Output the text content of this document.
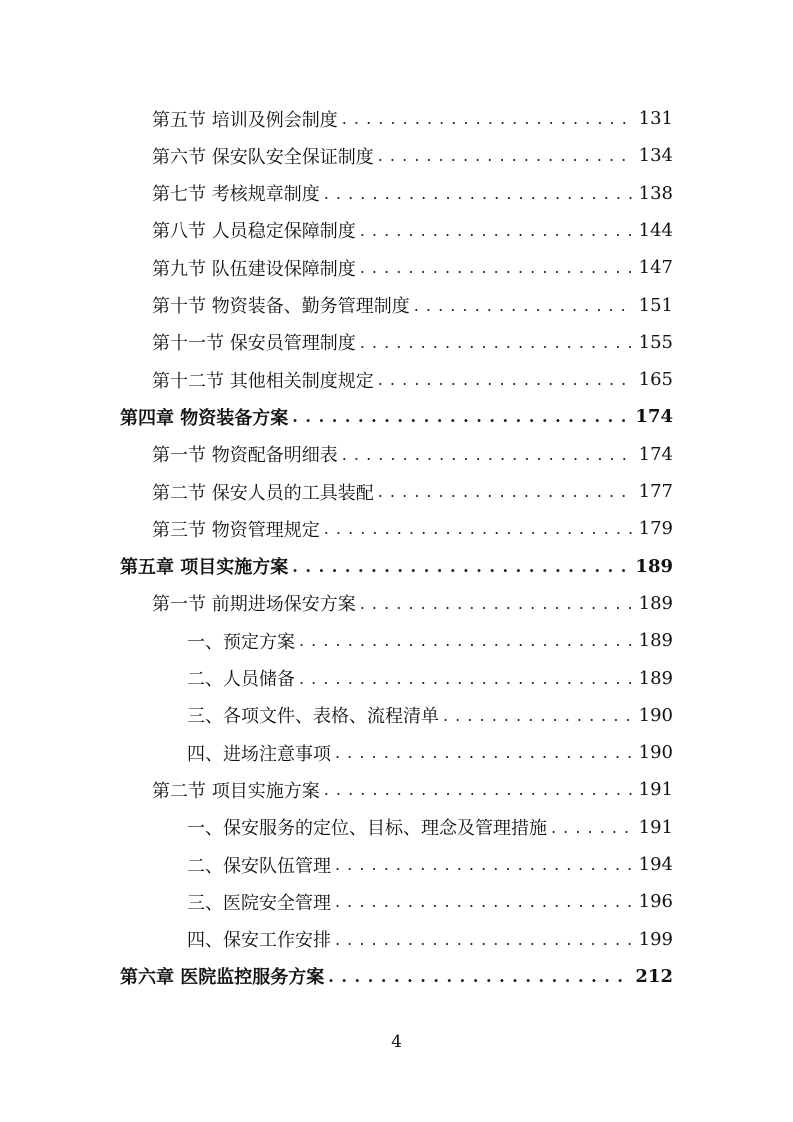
第五节 培训及例会制度 . . .	131
第六节 保安队安全保证制度 . . .	134
第七节 考核规章制度 . . .	138
第八节 人员稳定保障制度 . . .	144
第九节 队伍建设保障制度 . . .	147
第十节 物资装备、勤务管理制度 . . .	151
第十一节 保安员管理制度 . . .	155
第十二节 其他相关制度规定 . . .	165
第四章 物资装备方案 . . .	174
第一节 物资配备明细表 . . .	174
第二节 保安人员的工具装配 . . .	177
第三节 物资管理规定 . . .	179
第五章 项目实施方案 . . .	189
第一节 前期进场保安方案 . . .	189
一、预定方案 . . .	189
二、人员储备 . . .	189
三、各项文件、表格、流程清单 . . .	190
四、进场注意事项 . . .	190
第二节 项目实施方案 . . .	191
一、保安服务的定位、目标、理念及管理措施 . . .	191
二、保安队伍管理 . . .	194
三、医院安全管理 . . .	196
四、保安工作安排 . . .	199
第六章 医院监控服务方案 . . .	212
4
